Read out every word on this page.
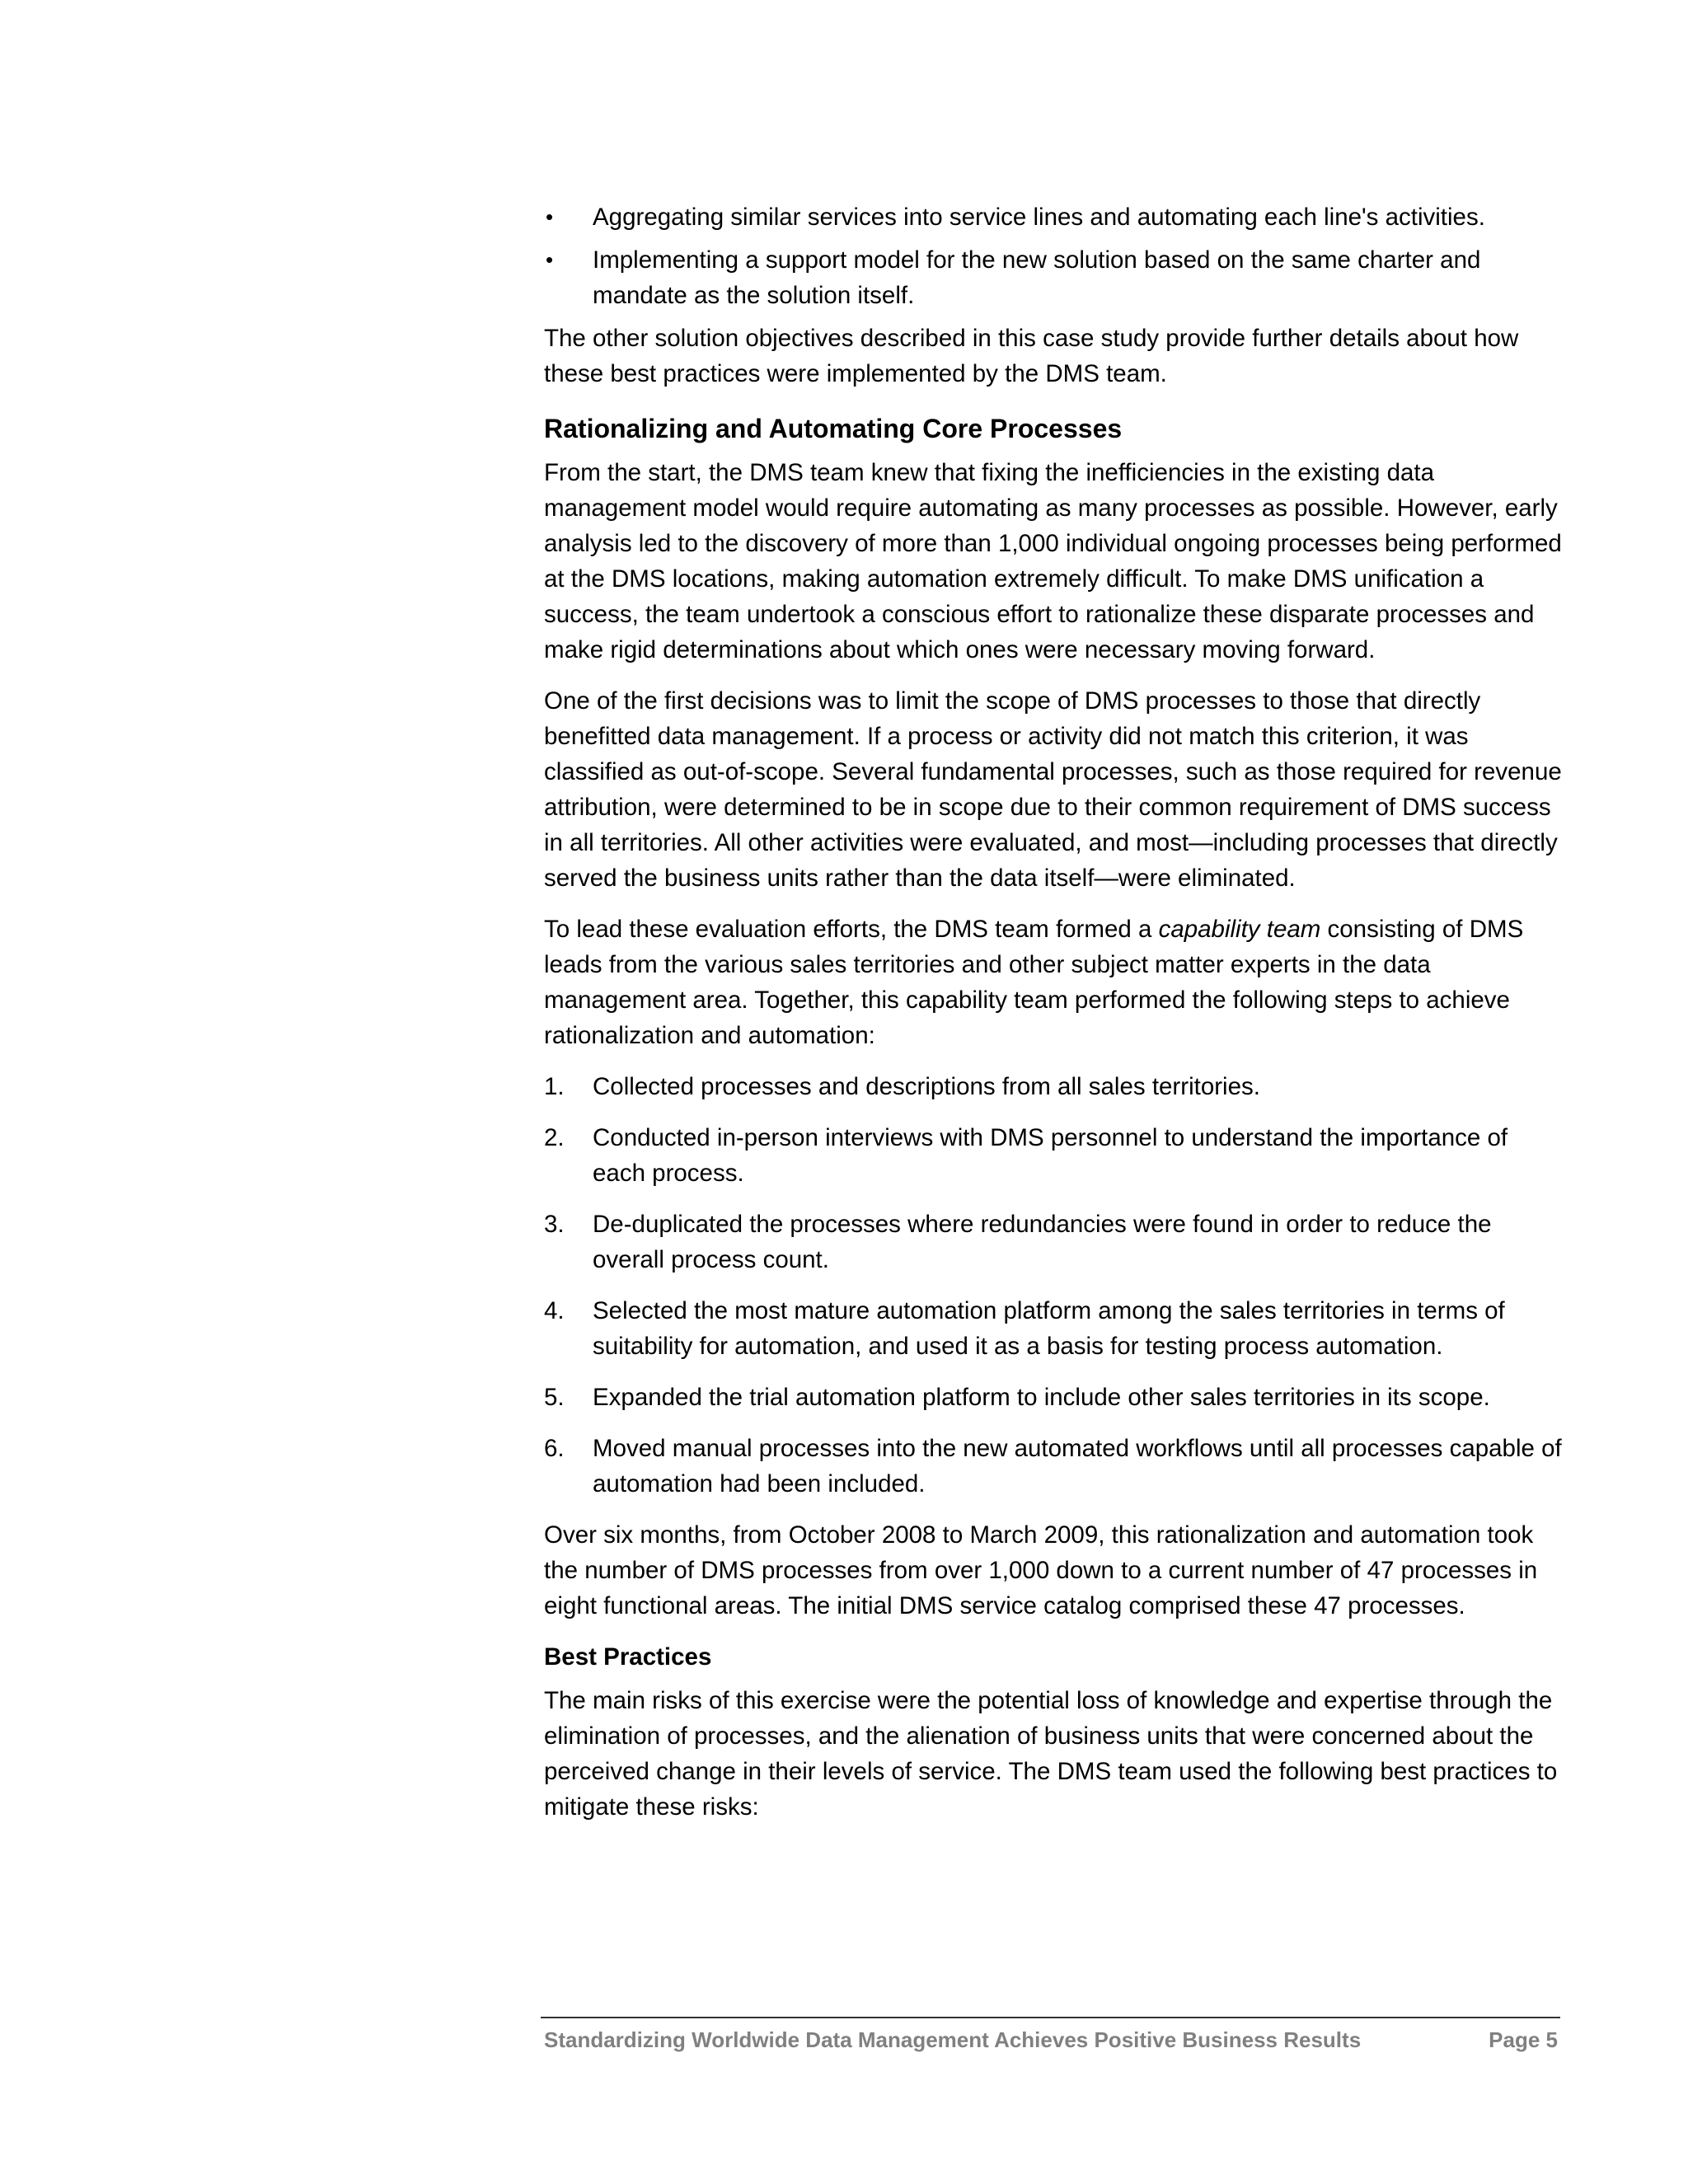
• Aggregating similar services into service lines and automating each line's activities.
• Implementing a support model for the new solution based on the same charter and mandate as the solution itself.

The other solution objectives described in this case study provide further details about how these best practices were implemented by the DMS team.

Rationalizing and Automating Core Processes

From the start, the DMS team knew that fixing the inefficiencies in the existing data management model would require automating as many processes as possible. However, early analysis led to the discovery of more than 1,000 individual ongoing processes being performed at the DMS locations, making automation extremely difficult. To make DMS unification a success, the team undertook a conscious effort to rationalize these disparate processes and make rigid determinations about which ones were necessary moving forward.

One of the first decisions was to limit the scope of DMS processes to those that directly benefitted data management. If a process or activity did not match this criterion, it was classified as out-of-scope. Several fundamental processes, such as those required for revenue attribution, were determined to be in scope due to their common requirement of DMS success in all territories. All other activities were evaluated, and most—including processes that directly served the business units rather than the data itself—were eliminated.

To lead these evaluation efforts, the DMS team formed a capability team consisting of DMS leads from the various sales territories and other subject matter experts in the data management area. Together, this capability team performed the following steps to achieve rationalization and automation:

1. Collected processes and descriptions from all sales territories.
2. Conducted in-person interviews with DMS personnel to understand the importance of each process.
3. De-duplicated the processes where redundancies were found in order to reduce the overall process count.
4. Selected the most mature automation platform among the sales territories in terms of suitability for automation, and used it as a basis for testing process automation.
5. Expanded the trial automation platform to include other sales territories in its scope.
6. Moved manual processes into the new automated workflows until all processes capable of automation had been included.

Over six months, from October 2008 to March 2009, this rationalization and automation took the number of DMS processes from over 1,000 down to a current number of 47 processes in eight functional areas. The initial DMS service catalog comprised these 47 processes.

Best Practices

The main risks of this exercise were the potential loss of knowledge and expertise through the elimination of processes, and the alienation of business units that were concerned about the perceived change in their levels of service. The DMS team used the following best practices to mitigate these risks:

Standardizing Worldwide Data Management Achieves Positive Business Results	Page 5
